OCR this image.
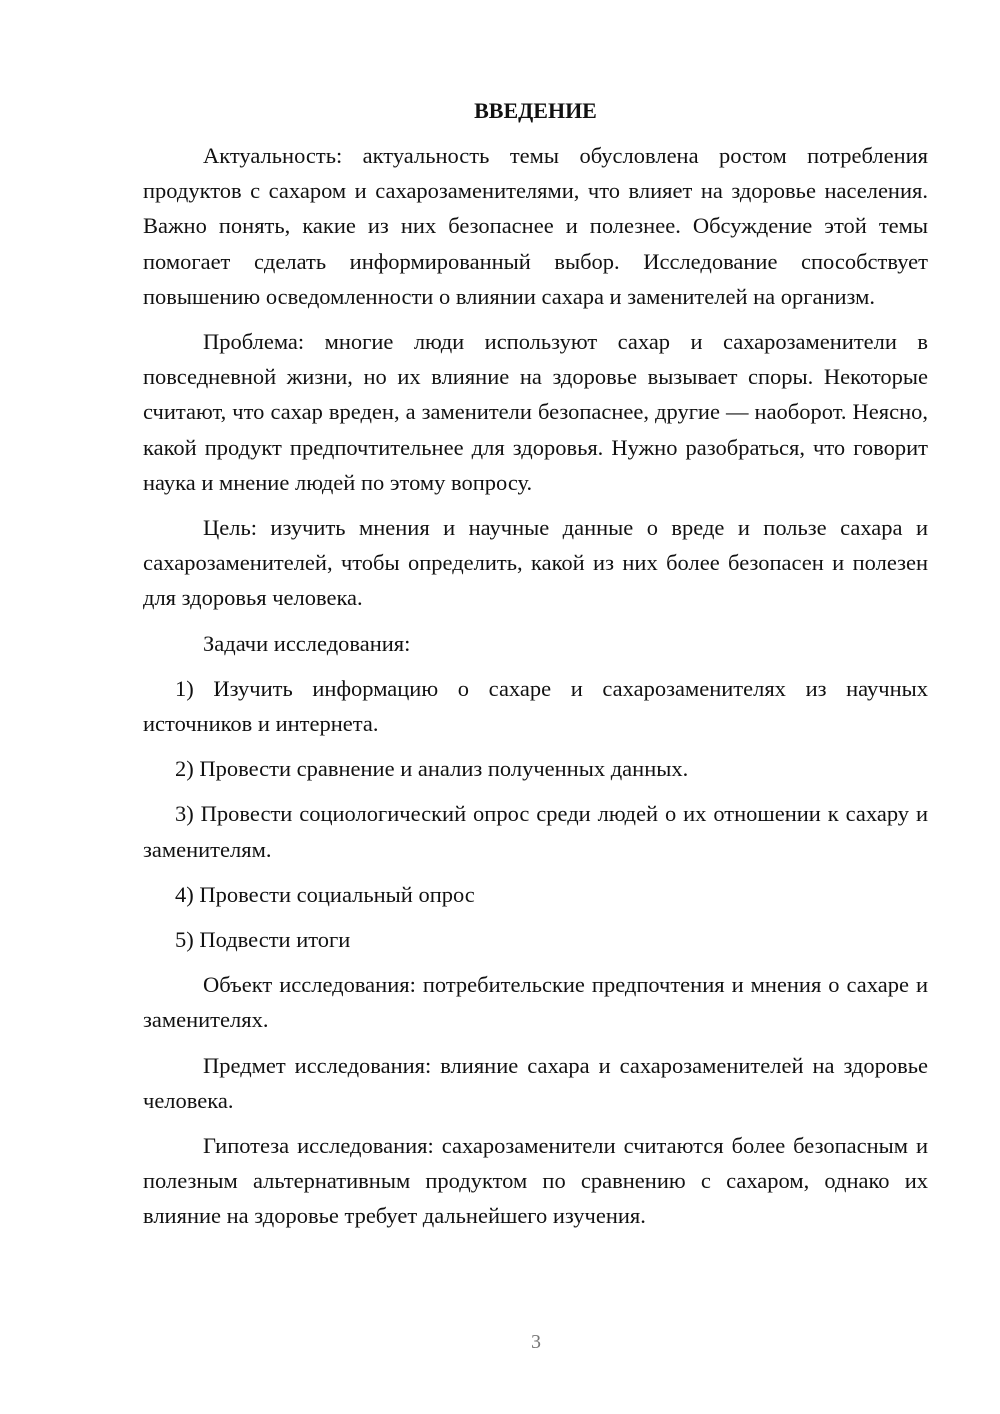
ВВЕДЕНИЕ

Актуальность: актуальность темы обусловлена ростом потребления продуктов с сахаром и сахарозаменителями, что влияет на здоровье населения. Важно понять, какие из них безопаснее и полезнее. Обсуждение этой темы помогает сделать информированный выбор. Исследование способствует повышению осведомленности о влиянии сахара и заменителей на организм.

Проблема: многие люди используют сахар и сахарозаменители в повседневной жизни, но их влияние на здоровье вызывает споры. Некоторые считают, что сахар вреден, а заменители безопаснее, другие — наоборот. Неясно, какой продукт предпочтительнее для здоровья. Нужно разобраться, что говорит наука и мнение людей по этому вопросу.

Цель: изучить мнения и научные данные о вреде и пользе сахара и сахарозаменителей, чтобы определить, какой из них более безопасен и полезен для здоровья человека.

Задачи исследования:

1) Изучить информацию о сахаре и сахарозаменителях из научных источников и интернета.

2) Провести сравнение и анализ полученных данных.

3) Провести социологический опрос среди людей о их отношении к сахару и заменителям.

4) Провести социальный опрос

5) Подвести итоги

Объект исследования: потребительские предпочтения и мнения о сахаре и заменителях.

Предмет исследования: влияние сахара и сахарозаменителей на здоровье человека.

Гипотеза исследования: сахарозаменители считаются более безопасным и полезным альтернативным продуктом по сравнению с сахаром, однако их влияние на здоровье требует дальнейшего изучения.

3
